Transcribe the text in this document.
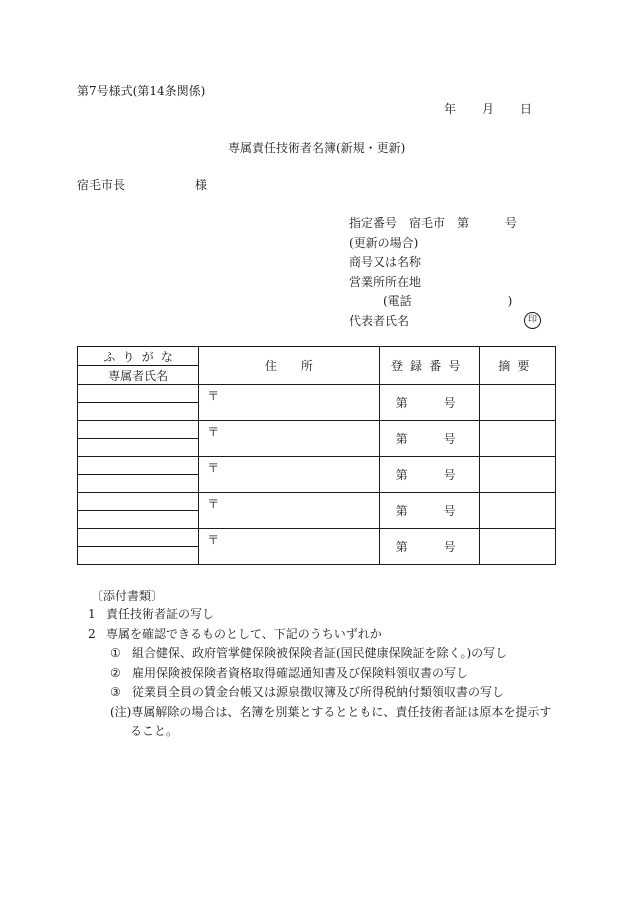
第7号様式(第14条関係)
年 月 日
専属責任技術者名簿(新規・更新)
宿毛市長	様
指定番号　宿毛市　第　　　号
(更新の場合)
商号又は名称
営業所所在地
(電話　　　　　　　　)
代表者氏名	印
ふりがな	住　　所	登録番号	摘要
専属者氏名			
	〒	第 号	

	〒	第 号	

	〒	第 号	

	〒	第 号	

	〒	第 号	

〔添付書類〕
1 責任技術者証の写し
2 専属を確認できるものとして、下記のうちいずれか
① 組合健保、政府管掌健保険被保険者証(国民健康保険証を除く。)の写し
② 雇用保険被保険者資格取得確認通知書及び保険料領収書の写し
③ 従業員全員の賃金台帳又は源泉徴収簿及び所得税納付類領収書の写し
(注)専属解除の場合は、名簿を別葉とするとともに、責任技術者証は原本を提示す
ること。
